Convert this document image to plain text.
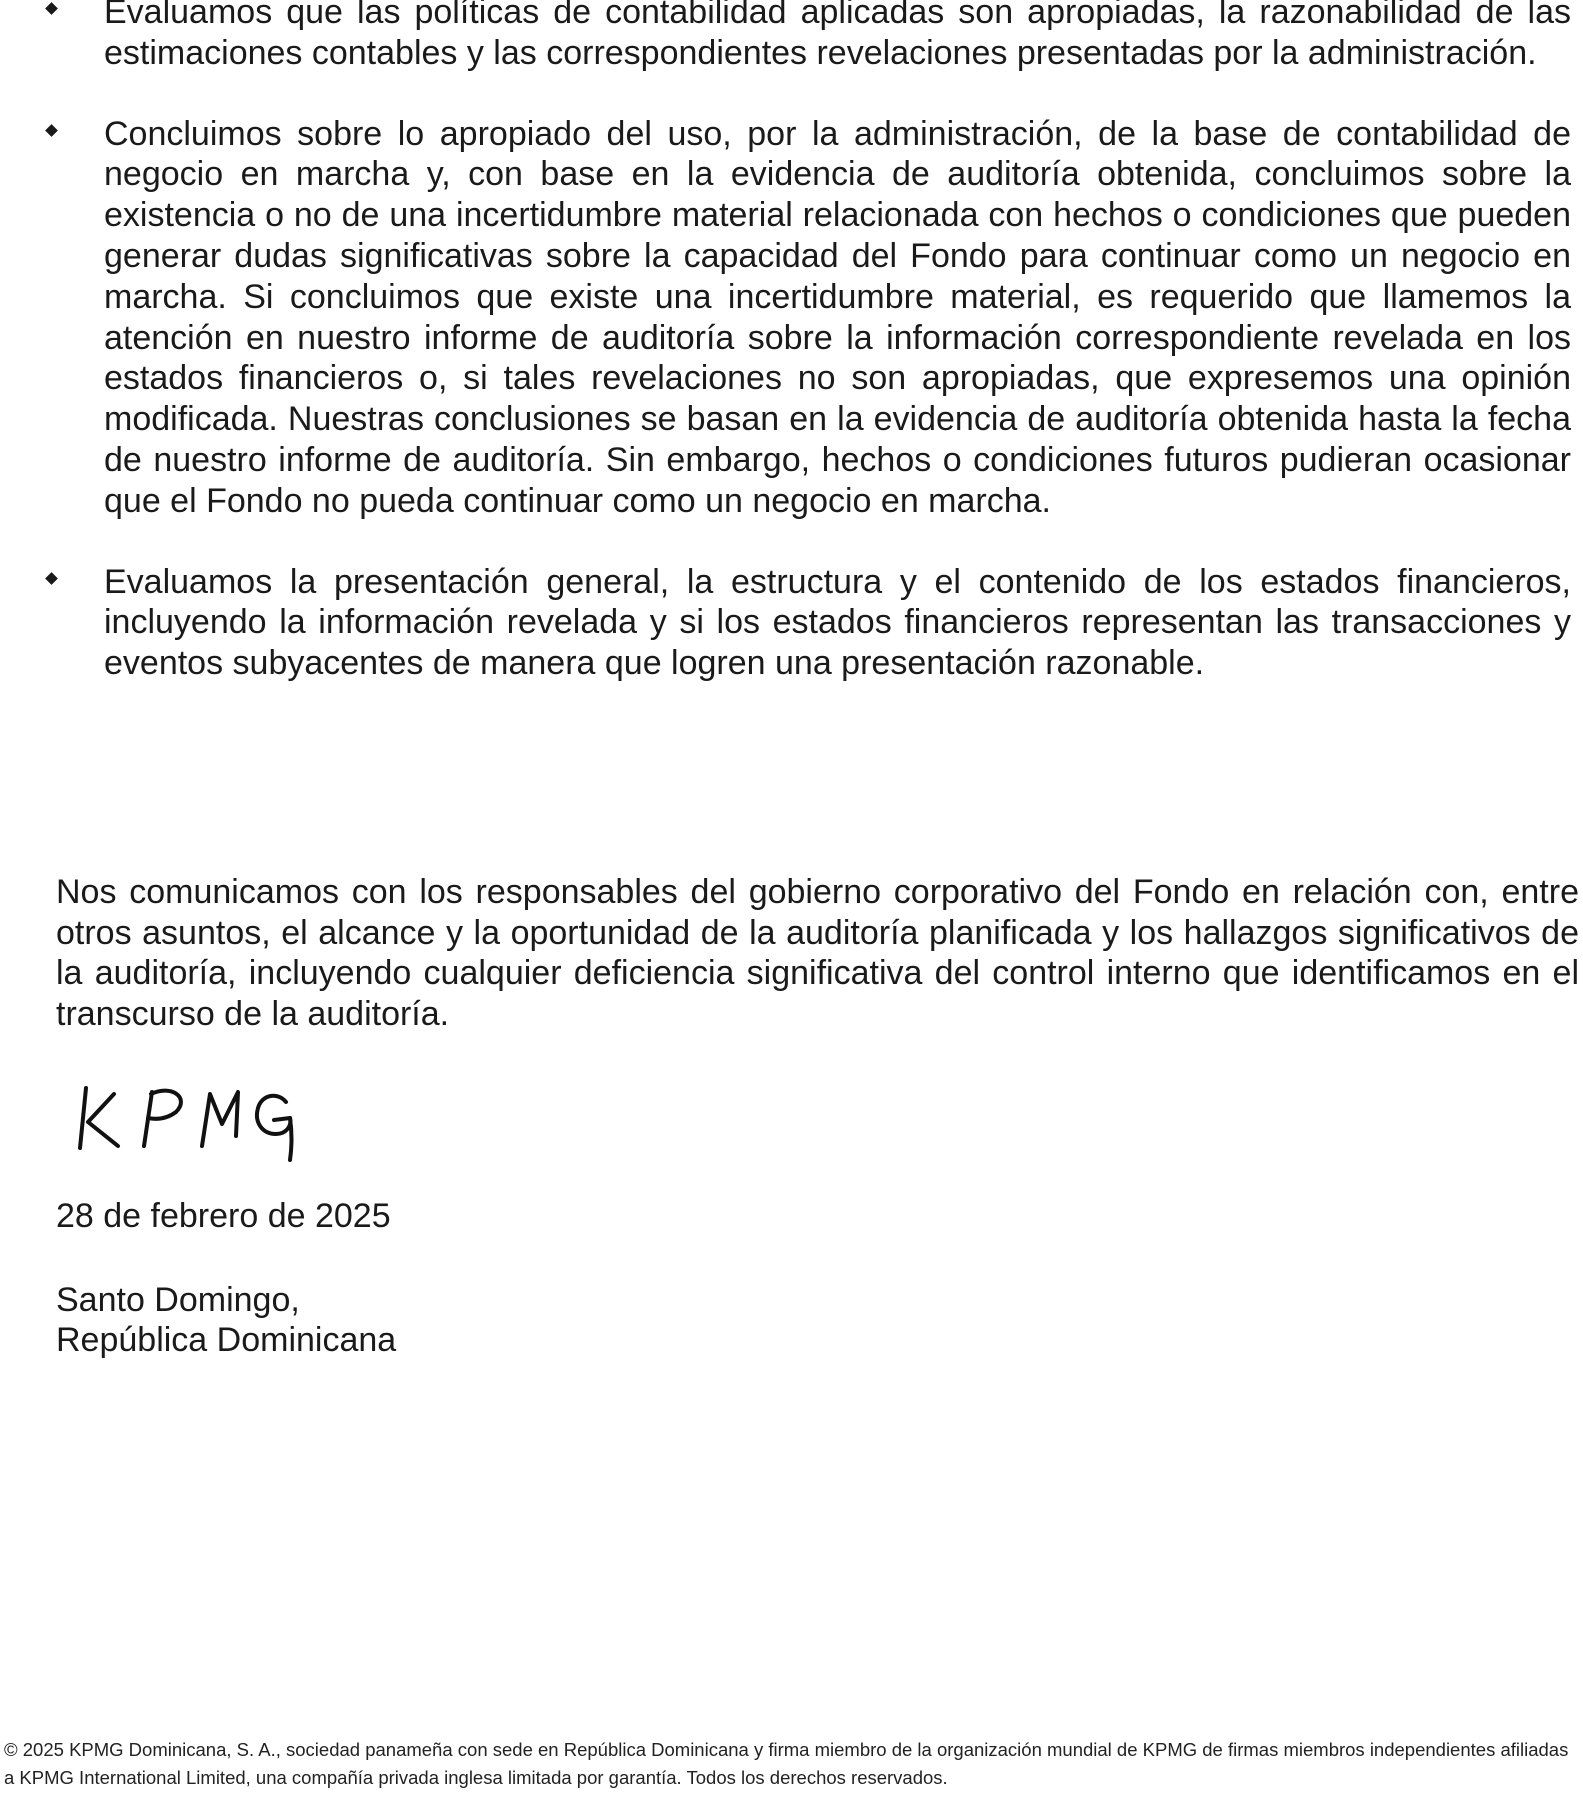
Evaluamos que las políticas de contabilidad aplicadas son apropiadas, la razonabilidad de las estimaciones contables y las correspondientes revelaciones presentadas por la administración.
Concluimos sobre lo apropiado del uso, por la administración, de la base de contabilidad de negocio en marcha y, con base en la evidencia de auditoría obtenida, concluimos sobre la existencia o no de una incertidumbre material relacionada con hechos o condiciones que pueden generar dudas significativas sobre la capacidad del Fondo para continuar como un negocio en marcha. Si concluimos que existe una incertidumbre material, es requerido que llamemos la atención en nuestro informe de auditoría sobre la información correspondiente revelada en los estados financieros o, si tales revelaciones no son apropiadas, que expresemos una opinión modificada. Nuestras conclusiones se basan en la evidencia de auditoría obtenida hasta la fecha de nuestro informe de auditoría. Sin embargo, hechos o condiciones futuros pudieran ocasionar que el Fondo no pueda continuar como un negocio en marcha.
Evaluamos la presentación general, la estructura y el contenido de los estados financieros, incluyendo la información revelada y si los estados financieros representan las transacciones y eventos subyacentes de manera que logren una presentación razonable.

Nos comunicamos con los responsables del gobierno corporativo del Fondo en relación con, entre otros asuntos, el alcance y la oportunidad de la auditoría planificada y los hallazgos significativos de la auditoría, incluyendo cualquier deficiencia significativa del control interno que identificamos en el transcurso de la auditoría.

28 de febrero de 2025

Santo Domingo,
República Dominicana

© 2025 KPMG Dominicana, S. A., sociedad panameña con sede en República Dominicana y firma miembro de la organización mundial de KPMG de firmas miembros independientes afiliadas a KPMG International Limited, una compañía privada inglesa limitada por garantía. Todos los derechos reservados.
